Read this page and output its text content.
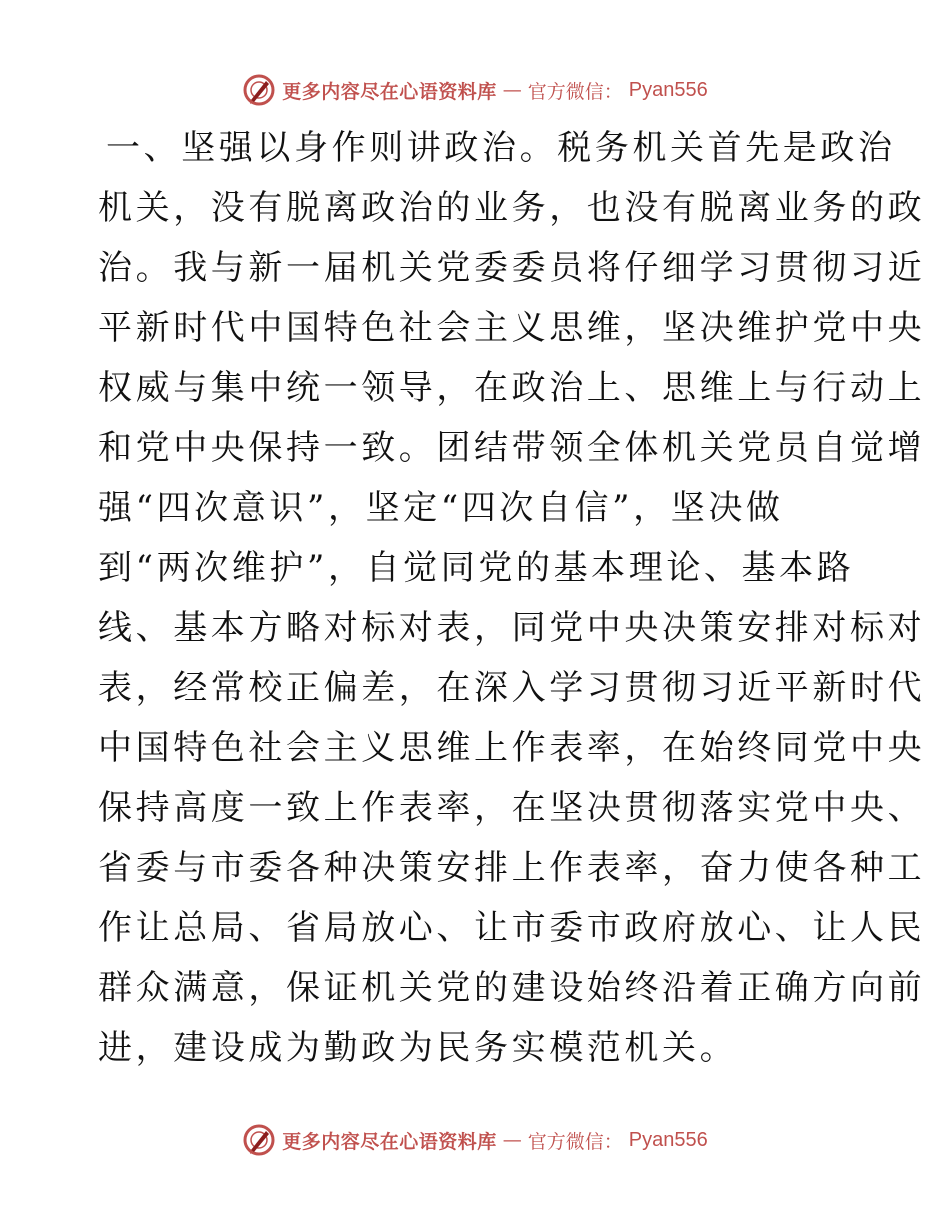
更多内容尽在心语资料库 — 官方微信： Pyan556
一、坚强以身作则讲政治。税务机关首先是政治
机关，没有脱离政治的业务，也没有脱离业务的政
治。我与新一届机关党委委员将仔细学习贯彻习近
平新时代中国特色社会主义思维，坚决维护党中央
权威与集中统一领导，在政治上、思维上与行动上
和党中央保持一致。团结带领全体机关党员自觉增
强“四次意识”，坚定“四次自信”，坚决做
到“两次维护”，自觉同党的基本理论、基本路
线、基本方略对标对表，同党中央决策安排对标对
表，经常校正偏差，在深入学习贯彻习近平新时代
中国特色社会主义思维上作表率，在始终同党中央
保持高度一致上作表率，在坚决贯彻落实党中央、
省委与市委各种决策安排上作表率，奋力使各种工
作让总局、省局放心、让市委市政府放心、让人民
群众满意，保证机关党的建设始终沿着正确方向前
进，建设成为勤政为民务实模范机关。
更多内容尽在心语资料库 — 官方微信： Pyan556
